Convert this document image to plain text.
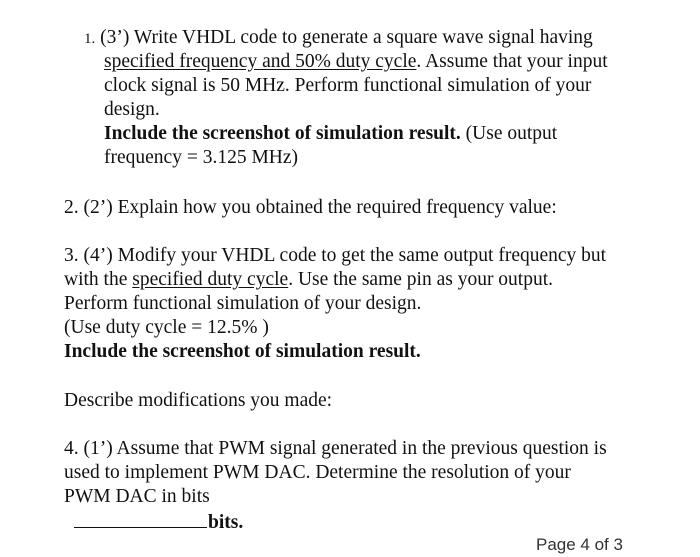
1. (3’) Write VHDL code to generate a square wave signal having
specified frequency and 50% duty cycle. Assume that your input
clock signal is 50 MHz. Perform functional simulation of your
design.
Include the screenshot of simulation result. (Use output
frequency = 3.125 MHz)
2. (2’) Explain how you obtained the required frequency value:
3. (4’) Modify your VHDL code to get the same output frequency but
with the specified duty cycle. Use the same pin as your output.
Perform functional simulation of your design.
(Use duty cycle = 12.5% )
Include the screenshot of simulation result.
Describe modifications you made:
4. (1’) Assume that PWM signal generated in the previous question is
used to implement PWM DAC. Determine the resolution of your
PWM DAC in bits
bits.
Page 4 of 3
